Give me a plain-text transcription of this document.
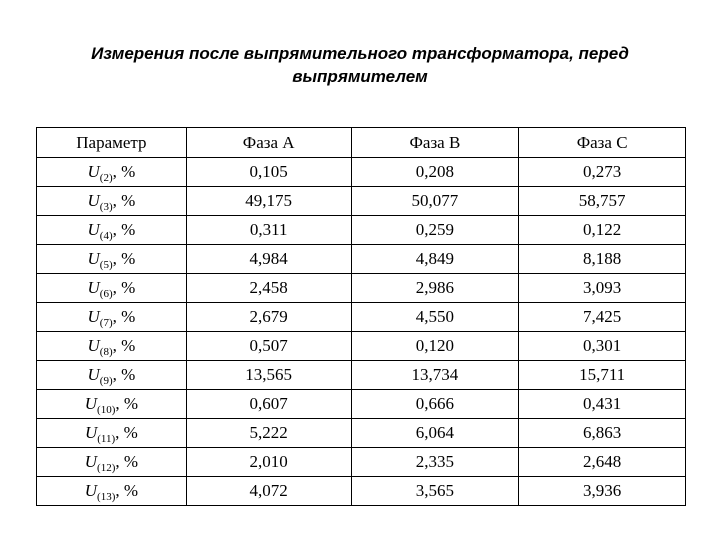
Измерения после выпрямительного трансформатора, перед
выпрямителем
Параметр	Фаза А	Фаза В	Фаза С
$U_{(2)}$, %	0,105	0,208	0,273
$U_{(3)}$, %	49,175	50,077	58,757
$U_{(4)}$, %	0,311	0,259	0,122
$U_{(5)}$, %	4,984	4,849	8,188
$U_{(6)}$, %	2,458	2,986	3,093
$U_{(7)}$, %	2,679	4,550	7,425
$U_{(8)}$, %	0,507	0,120	0,301
$U_{(9)}$, %	13,565	13,734	15,711
$U_{(10)}$, %	0,607	0,666	0,431
$U_{(11)}$, %	5,222	6,064	6,863
$U_{(12)}$, %	2,010	2,335	2,648
$U_{(13)}$, %	4,072	3,565	3,936
